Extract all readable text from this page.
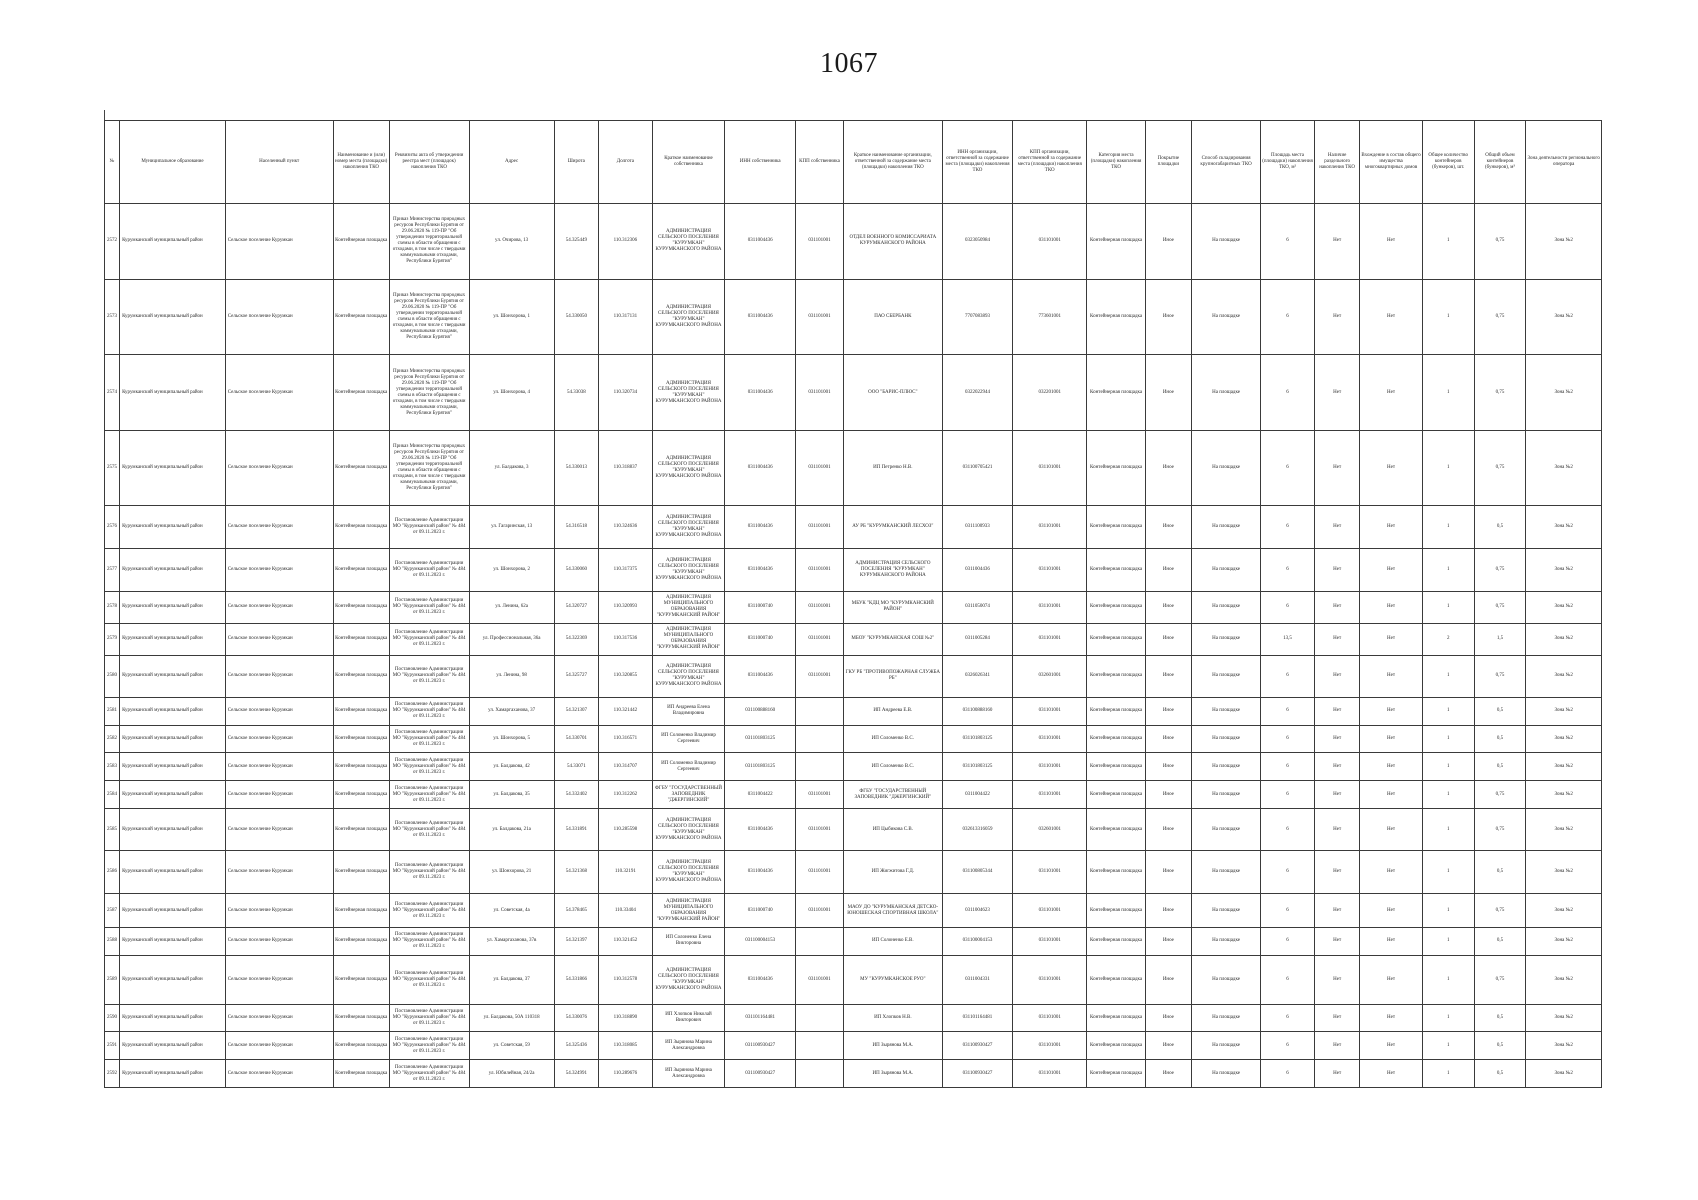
1067
№	Муниципальное образование	Населенный пункт	Наименование и (или) номер места (площадки) накопления ТКО	Реквизиты акта об утверждении реестра мест (площадок) накопления ТКО	Адрес	Широта	Долгота	Краткое наименование собственника	ИНН собственника	КПП собственника	Краткое наименование организации, ответственной за содержание места (площадки) накопления ТКО	ИНН организации, ответственной за содержание места (площадки) накопления ТКО	КПП организации, ответственной за содержание места (площадки) накопления ТКО	Категория места (площадки) накопления ТКО	Покрытие площадки	Способ складирования крупногабаритных ТКО	Площадь места (площадки) накопления ТКО, м²	Наличие раздельного накопления ТКО	Вхождение в состав общего имущества многоквартирных домов	Общее количество контейнеров (бункеров), шт.	Общий объем контейнеров (бункеров), м³	Зона деятельности регионального оператора
2572	Курумканский муниципальный район	Сельское поселение Курумкан	Контейнерная площадка	Приказ Министерства природных ресурсов Республики Бурятия от 29.06.2020 № 119-ПР "Об утверждении территориальной схемы в области обращения с отходами, в том числе с твердыми коммунальными отходами, Республики Бурятия"	ул. Очирова, 13	54.325449	110.312306	АДМИНИСТРАЦИЯ СЕЛЬСКОГО ПОСЕЛЕНИЯ "КУРУМКАН" КУРУМКАНСКОГО РАЙОНА	0311004436	031101001	ОТДЕЛ ВОЕННОГО КОМИССАРИАТА КУРУМКАНСКОГО РАЙОНА	0323050984	031101001	Контейнерная площадка	Иное	На площадке	6	Нет	Нет	1	0,75	Зона №2
2573	Курумканский муниципальный район	Сельское поселение Курумкан	Контейнерная площадка	Приказ Министерства природных ресурсов Республики Бурятия от 29.06.2020 № 119-ПР "Об утверждении территориальной схемы в области обращения с отходами, в том числе с твердыми коммунальными отходами, Республики Бурятия"	ул. Шонхорова, 1	54.330050	110.317131	АДМИНИСТРАЦИЯ СЕЛЬСКОГО ПОСЕЛЕНИЯ "КУРУМКАН" КУРУМКАНСКОГО РАЙОНА	0311004436	031101001	ПАО СБЕРБАНК	7707083893	773601001	Контейнерная площадка	Иное	На площадке	6	Нет	Нет	1	0,75	Зона №2
2574	Курумканский муниципальный район	Сельское поселение Курумкан	Контейнерная площадка	Приказ Министерства природных ресурсов Республики Бурятия от 29.06.2020 № 119-ПР "Об утверждении территориальной схемы в области обращения с отходами, в том числе с твердыми коммунальными отходами, Республики Бурятия"	ул. Шонхорова, 4	54.33038	110.320734	АДМИНИСТРАЦИЯ СЕЛЬСКОГО ПОСЕЛЕНИЯ "КУРУМКАН" КУРУМКАНСКОГО РАЙОНА	0311004436	031101001	ООО "БАРИС-ПЛЮС"	0322022944	032201001	Контейнерная площадка	Иное	На площадке	6	Нет	Нет	1	0,75	Зона №2
2575	Курумканский муниципальный район	Сельское поселение Курумкан	Контейнерная площадка	Приказ Министерства природных ресурсов Республики Бурятия от 29.06.2020 № 119-ПР "Об утверждении территориальной схемы в области обращения с отходами, в том числе с твердыми коммунальными отходами, Республики Бурятия"	ул. Балдакова, 3	54.330013	110.318837	АДМИНИСТРАЦИЯ СЕЛЬСКОГО ПОСЕЛЕНИЯ "КУРУМКАН" КУРУМКАНСКОГО РАЙОНА	0311004436	031101001	ИП Петренко Н.В.	031100705421	031101001	Контейнерная площадка	Иное	На площадке	6	Нет	Нет	1	0,75	Зона №2
2576	Курумканский муниципальный район	Сельское поселение Курумкан	Контейнерная площадка	Постановление Администрации МО "Курумканский район" № 484 от 09.11.2023 г.	ул. Гагаринская, 13	54.316518	110.324636	АДМИНИСТРАЦИЯ СЕЛЬСКОГО ПОСЕЛЕНИЯ "КУРУМКАН" КУРУМКАНСКОГО РАЙОНА	0311004436	031101001	АУ РБ "КУРУМКАНСКИЙ ЛЕСХОЗ"	0311100933	031101001	Контейнерная площадка	Иное	На площадке	6	Нет	Нет	1	0,5	Зона №2
2577	Курумканский муниципальный район	Сельское поселение Курумкан	Контейнерная площадка	Постановление Администрации МО "Курумканский район" № 484 от 09.11.2023 г.	ул. Шонхорова, 2	54.330060	110.317375	АДМИНИСТРАЦИЯ СЕЛЬСКОГО ПОСЕЛЕНИЯ "КУРУМКАН" КУРУМКАНСКОГО РАЙОНА	0311004436	031101001	АДМИНИСТРАЦИЯ СЕЛЬСКОГО ПОСЕЛЕНИЯ "КУРУМКАН" КУРУМКАНСКОГО РАЙОНА	0311004436	031101001	Контейнерная площадка	Иное	На площадке	6	Нет	Нет	1	0,75	Зона №2
2578	Курумканский муниципальный район	Сельское поселение Курумкан	Контейнерная площадка	Постановление Администрации МО "Курумканский район" № 484 от 09.11.2023 г.	ул. Ленина, 62а	54.320727	110.320993	АДМИНИСТРАЦИЯ МУНИЦИПАЛЬНОГО ОБРАЗОВАНИЯ "КУРУМКАНСКИЙ РАЙОН"	0311000740	031101001	МБУК "КДЦ МО "КУРУМКАНСКИЙ РАЙОН"	0311050074	031101001	Контейнерная площадка	Иное	На площадке	6	Нет	Нет	1	0,75	Зона №2
2579	Курумканский муниципальный район	Сельское поселение Курумкан	Контейнерная площадка	Постановление Администрации МО "Курумканский район" № 484 от 09.11.2023 г.	ул. Профессиональная, 36а	54.322369	110.317536	АДМИНИСТРАЦИЯ МУНИЦИПАЛЬНОГО ОБРАЗОВАНИЯ "КУРУМКАНСКИЙ РАЙОН"	0311000740	031101001	МБОУ "КУРУМКАНСКАЯ СОШ №2"	0311005284	031101001	Контейнерная площадка	Иное	На площадке	13,5	Нет	Нет	2	1,5	Зона №2
2580	Курумканский муниципальный район	Сельское поселение Курумкан	Контейнерная площадка	Постановление Администрации МО "Курумканский район" № 484 от 09.11.2023 г.	ул. Ленина, 98	54.325727	110.320855	АДМИНИСТРАЦИЯ СЕЛЬСКОГО ПОСЕЛЕНИЯ "КУРУМКАН" КУРУМКАНСКОГО РАЙОНА	0311004436	031101001	ГКУ РБ "ПРОТИВОПОЖАРНАЯ СЛУЖБА РБ"	0326026341	032601001	Контейнерная площадка	Иное	На площадке	6	Нет	Нет	1	0,75	Зона №2
2581	Курумканский муниципальный район	Сельское поселение Курумкан	Контейнерная площадка	Постановление Администрации МО "Курумканский район" № 484 от 09.11.2023 г.	ул. Хамаргаханова, 37	54.321307	110.321442	ИП Андреева Елена Владимировна	031100888160		ИП Андреева Е.В.	031100888160	031101001	Контейнерная площадка	Иное	На площадке	6	Нет	Нет	1	0,5	Зона №2
2582	Курумканский муниципальный район	Сельское поселение Курумкан	Контейнерная площадка	Постановление Администрации МО "Курумканский район" № 484 от 09.11.2023 г.	ул. Шонхорова, 5	54.330701	110.316571	ИП Соломенко Владимир Сергеевич	031101803125		ИП Соломенко В.С.	031101803125	031101001	Контейнерная площадка	Иное	На площадке	6	Нет	Нет	1	0,5	Зона №2
2583	Курумканский муниципальный район	Сельское поселение Курумкан	Контейнерная площадка	Постановление Администрации МО "Курумканский район" № 484 от 09.11.2023 г.	ул. Балдакова, 42	54.33071	110.314707	ИП Соломенко Владимир Сергеевич	031101803125		ИП Соломенко В.С.	031101803125	031101001	Контейнерная площадка	Иное	На площадке	6	Нет	Нет	1	0,5	Зона №2
2584	Курумканский муниципальный район	Сельское поселение Курумкан	Контейнерная площадка	Постановление Администрации МО "Курумканский район" № 484 от 09.11.2023 г.	ул. Балдакова, 35	54.332402	110.312262	ФГБУ "ГОСУДАРСТВЕННЫЙ ЗАПОВЕДНИК "ДЖЕРГИНСКИЙ"	0311004422	031101001	ФГБУ "ГОСУДАРСТВЕННЫЙ ЗАПОВЕДНИК "ДЖЕРГИНСКИЙ"	0311004422	031101001	Контейнерная площадка	Иное	На площадке	6	Нет	Нет	1	0,75	Зона №2
2585	Курумканский муниципальный район	Сельское поселение Курумкан	Контейнерная площадка	Постановление Администрации МО "Курумканский район" № 484 от 09.11.2023 г.	ул. Балдакова, 21а	54.331891	110.285598	АДМИНИСТРАЦИЯ СЕЛЬСКОГО ПОСЕЛЕНИЯ "КУРУМКАН" КУРУМКАНСКОГО РАЙОНА	0311004436	031101001	ИП Цыбикова С.В.	032613316059	032601001	Контейнерная площадка	Иное	На площадке	6	Нет	Нет	1	0,75	Зона №2
2586	Курумканский муниципальный район	Сельское поселение Курумкан	Контейнерная площадка	Постановление Администрации МО "Курумканский район" № 484 от 09.11.2023 г.	ул. Шонхорова, 21	54.321368	110.32191	АДМИНИСТРАЦИЯ СЕЛЬСКОГО ПОСЕЛЕНИЯ "КУРУМКАН" КУРУМКАНСКОГО РАЙОНА	0311004436	031101001	ИП Жигжитова Г.Д.	031100805344	031101001	Контейнерная площадка	Иное	На площадке	6	Нет	Нет	1	0,5	Зона №2
2587	Курумканский муниципальный район	Сельское поселение Курумкан	Контейнерная площадка	Постановление Администрации МО "Курумканский район" № 484 от 09.11.2023 г.	ул. Советская, 4а	54.378465	110.33404	АДМИНИСТРАЦИЯ МУНИЦИПАЛЬНОГО ОБРАЗОВАНИЯ "КУРУМКАНСКИЙ РАЙОН"	0311000740	031101001	МАОУ ДО "КУРУМКАНСКАЯ ДЕТСКО-ЮНОШЕСКАЯ СПОРТИВНАЯ ШКОЛА"	0311004623	031101001	Контейнерная площадка	Иное	На площадке	6	Нет	Нет	1	0,75	Зона №2
2588	Курумканский муниципальный район	Сельское поселение Курумкан	Контейнерная площадка	Постановление Администрации МО "Курумканский район" № 484 от 09.11.2023 г.	ул. Хамаргаханова, 37в	54.321397	110.321452	ИП Солоненко Елена Викторовна	031100004153		ИП Солоненко Е.В.	031100004153	031101001	Контейнерная площадка	Иное	На площадке	6	Нет	Нет	1	0,5	Зона №2
2589	Курумканский муниципальный район	Сельское поселение Курумкан	Контейнерная площадка	Постановление Администрации МО "Курумканский район" № 484 от 09.11.2023 г.	ул. Балдакова, 37	54.331866	110.312578	АДМИНИСТРАЦИЯ СЕЛЬСКОГО ПОСЕЛЕНИЯ "КУРУМКАН" КУРУМКАНСКОГО РАЙОНА	0311004436	031101001	МУ "КУРУМКАНСКОЕ РУО"	0311004331	031101001	Контейнерная площадка	Иное	На площадке	6	Нет	Нет	1	0,75	Зона №2
2590	Курумканский муниципальный район	Сельское поселение Курумкан	Контейнерная площадка	Постановление Администрации МО "Курумканский район" № 484 от 09.11.2023 г.	ул. Балдакова, 50А 110318	54.330076	110.318890	ИП Хлопков Николай Викторович	031101164481		ИП Хлопков Н.В.	031101164481	031101001	Контейнерная площадка	Иное	На площадке	6	Нет	Нет	1	0,5	Зона №2
2591	Курумканский муниципальный район	Сельское поселение Курумкан	Контейнерная площадка	Постановление Администрации МО "Курумканский район" № 484 от 09.11.2023 г.	ул. Советская, 59	54.325436	110.318085	ИП Зырянова Марина Александровна	031100930427		ИП Зырянова М.А.	031100930427	031101001	Контейнерная площадка	Иное	На площадке	6	Нет	Нет	1	0,5	Зона №2
2592	Курумканский муниципальный район	Сельское поселение Курумкан	Контейнерная площадка	Постановление Администрации МО "Курумканский район" № 484 от 09.11.2023 г.	ул. Юбилейная, 24/2а	54.324991	110.289676	ИП Зырянова Марина Александровна	031100930427		ИП Зырянова М.А.	031100930427	031101001	Контейнерная площадка	Иное	На площадке	6	Нет	Нет	1	0,5	Зона №2
